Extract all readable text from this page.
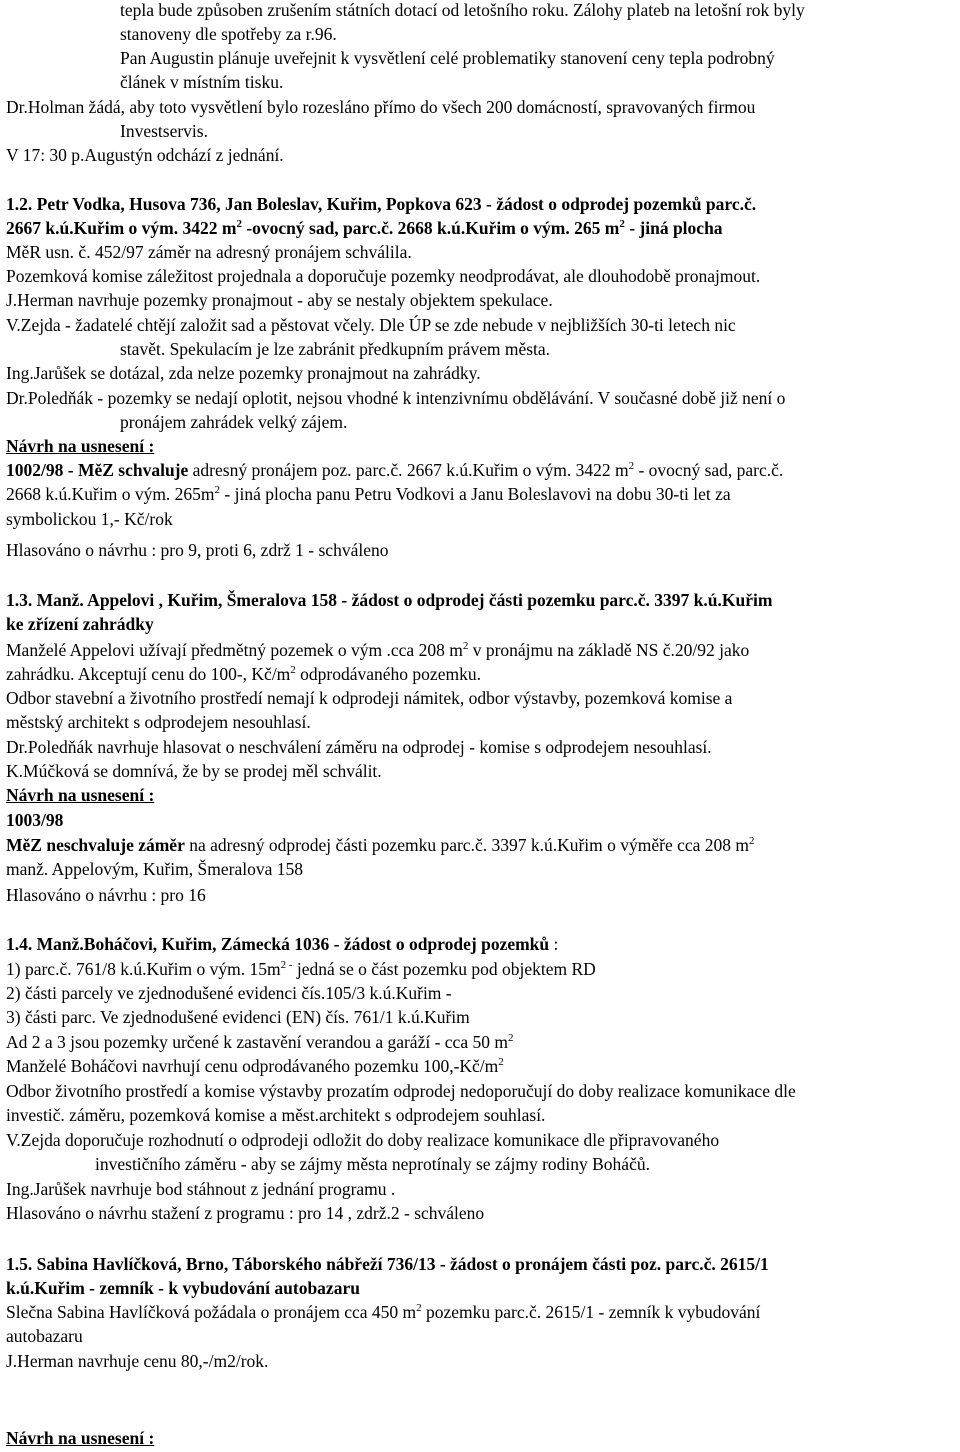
tepla bude způsoben zrušením státních dotací od letošního roku. Zálohy plateb na letošní rok byly
stanoveny dle spotřeby za r.96.
Pan Augustin plánuje uveřejnit k vysvětlení celé problematiky stanovení ceny tepla podrobný
článek v místním tisku.
Dr.Holman žádá, aby toto vysvětlení bylo rozesláno přímo do všech 200 domácností, spravovaných firmou
Investservis.
V 17: 30 p.Augustýn odchází z jednání.
1.2. Petr Vodka, Husova 736, Jan Boleslav, Kuřim, Popkova 623 - žádost o odprodej pozemků parc.č.
2667 k.ú.Kuřim o vým. 3422 $m^2$ -ovocný sad, parc.č. 2668 k.ú.Kuřim o vým. 265 $m^2$ - jiná plocha
MěR usn. č. 452/97 záměr na adresný pronájem schválila.
Pozemková komise záležitost projednala a doporučuje pozemky neodprodávat, ale dlouhodobě pronajmout.
J.Herman navrhuje pozemky pronajmout - aby se nestaly objektem spekulace.
V.Zejda - žadatelé chtějí založit sad a pěstovat včely. Dle ÚP se zde nebude v nejbližších 30-ti letech nic
stavět. Spekulacím je lze zabránit předkupním právem města.
Ing.Jarůšek se dotázal, zda nelze pozemky pronajmout na zahrádky.
Dr.Poledňák - pozemky se nedají oplotit, nejsou vhodné k intenzivnímu obdělávání. V současné době již není o
pronájem zahrádek velký zájem.
Návrh na usnesení :
1002/98 - MěZ schvaluje adresný pronájem poz. parc.č. 2667 k.ú.Kuřim o vým. 3422 $m^2$ - ovocný sad, parc.č.
2668 k.ú.Kuřim o vým. $265m^2$ - jiná plocha panu Petru Vodkovi a Janu Boleslavovi na dobu 30-ti let za
symbolickou 1,- Kč/rok
Hlasováno o návrhu : pro 9, proti 6, zdrž 1 - schváleno
1.3. Manž. Appelovi , Kuřim, Šmeralova 158 - žádost o odprodej části pozemku parc.č. 3397 k.ú.Kuřim
ke zřízení zahrádky
Manželé Appelovi užívají předmětný pozemek o vým .cca 208 $m^2$ v pronájmu na základě NS č.20/92 jako
zahrádku. Akceptují cenu do 100-, $Kč/m^2$ odprodávaného pozemku.
Odbor stavební a životního prostředí nemají k odprodeji námitek, odbor výstavby, pozemková komise a
městský architekt s odprodejem nesouhlasí.
Dr.Poledňák navrhuje hlasovat o neschválení záměru na odprodej - komise s odprodejem nesouhlasí.
K.Múčková se domnívá, že by se prodej měl schválit.
Návrh na usnesení :
1003/98
MěZ neschvaluje záměr na adresný odprodej části pozemku parc.č. 3397 k.ú.Kuřim o výměře cca 208 $m^2$
manž. Appelovým, Kuřim, Šmeralova 158
Hlasováno o návrhu : pro 16
1.4. Manž.Boháčovi, Kuřim, Zámecká 1036 - žádost o odprodej pozemků :
1) parc.č. 761/8 k.ú.Kuřim o vým. $15m^{2 -}$ jedná se o část pozemku pod objektem RD
2) části parcely ve zjednodušené evidenci čís.105/3 k.ú.Kuřim -
3) části parc. Ve zjednodušené evidenci (EN) čís. 761/1 k.ú.Kuřim
Ad 2 a 3 jsou pozemky určené k zastavění verandou a garáží - cca 50 $m^2$
Manželé Boháčovi navrhují cenu odprodávaného pozemku $100,-Kč/m^2$
Odbor životního prostředí a komise výstavby prozatím odprodej nedoporučují do doby realizace komunikace dle
investič. záměru, pozemková komise a měst.architekt s odprodejem souhlasí.
V.Zejda doporučuje rozhodnutí o odprodeji odložit do doby realizace komunikace dle připravovaného
investičního záměru - aby se zájmy města neprotínaly se zájmy rodiny Boháčů.
Ing.Jarůšek navrhuje bod stáhnout z jednání programu .
Hlasováno o návrhu stažení z programu : pro 14 , zdrž.2 - schváleno
1.5. Sabina Havlíčková, Brno, Táborského nábřeží 736/13 - žádost o pronájem části poz. parc.č. 2615/1
k.ú.Kuřim - zemník - k vybudování autobazaru
Slečna Sabina Havlíčková požádala o pronájem cca 450 $m^2$ pozemku parc.č. 2615/1 - zemník k vybudování
autobazaru
J.Herman navrhuje cenu 80,-/m2/rok.
Návrh na usnesení :
